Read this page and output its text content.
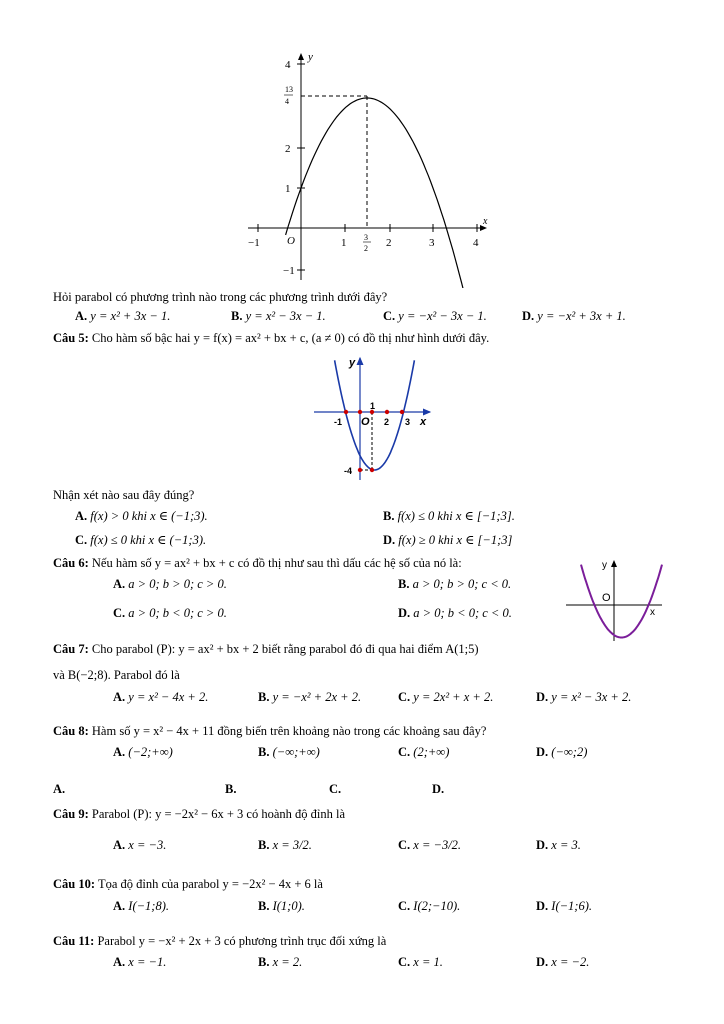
y
x
4
13 4
2
1
−1
−1 O	1 3
2 2	3	4
Hỏi parabol có phương trình nào trong các phương trình dưới đây?
A. y = x² + 3x − 1.	B. y = x² − 3x − 1.	C. y = −x² − 3x − 1.	D. y = −x² + 3x + 1.
Câu 5: Cho hàm số bậc hai y = f(x) = ax² + bx + c, (a ≠ 0) có đồ thị như hình dưới đây.
y
x
O
-1
1
2 3
-4
Nhận xét nào sau đây đúng?
A. f(x) > 0 khi x ∈ (−1;3).	B. f(x) ≤ 0 khi x ∈ [−1;3].
C. f(x) ≤ 0 khi x ∈ (−1;3).	D. f(x) ≥ 0 khi x ∈ [−1;3]
Câu 6: Nếu hàm số y = ax² + bx + c có đồ thị như sau thì dấu các hệ số của nó là:
A. a > 0; b > 0; c > 0.	B. a > 0; b > 0; c < 0.
C. a > 0; b < 0; c > 0.	D. a > 0; b < 0; c < 0.
y
O
x
Câu 7: Cho parabol (P): y = ax² + bx + 2 biết rằng parabol đó đi qua hai điểm A(1;5)
và B(−2;8). Parabol đó là
A. y = x² − 4x + 2.	B. y = −x² + 2x + 2.	C. y = 2x² + x + 2.	D. y = x² − 3x + 2.
Câu 8: Hàm số y = x² − 4x + 11 đồng biến trên khoảng nào trong các khoảng sau đây?
A. (−2;+∞)	B. (−∞;+∞)	C. (2;+∞)	D. (−∞;2)
A.	B.	C.	D.
Câu 9: Parabol (P): y = −2x² − 6x + 3 có hoành độ đỉnh là
A. x = −3.	B. x = 3/2.	C. x = −3/2.	D. x = 3.
Câu 10: Tọa độ đỉnh của parabol y = −2x² − 4x + 6 là
A. I(−1;8).	B. I(1;0).	C. I(2;−10).	D. I(−1;6).
Câu 11: Parabol y = −x² + 2x + 3 có phương trình trục đối xứng là
A. x = −1.	B. x = 2.	C. x = 1.	D. x = −2.
